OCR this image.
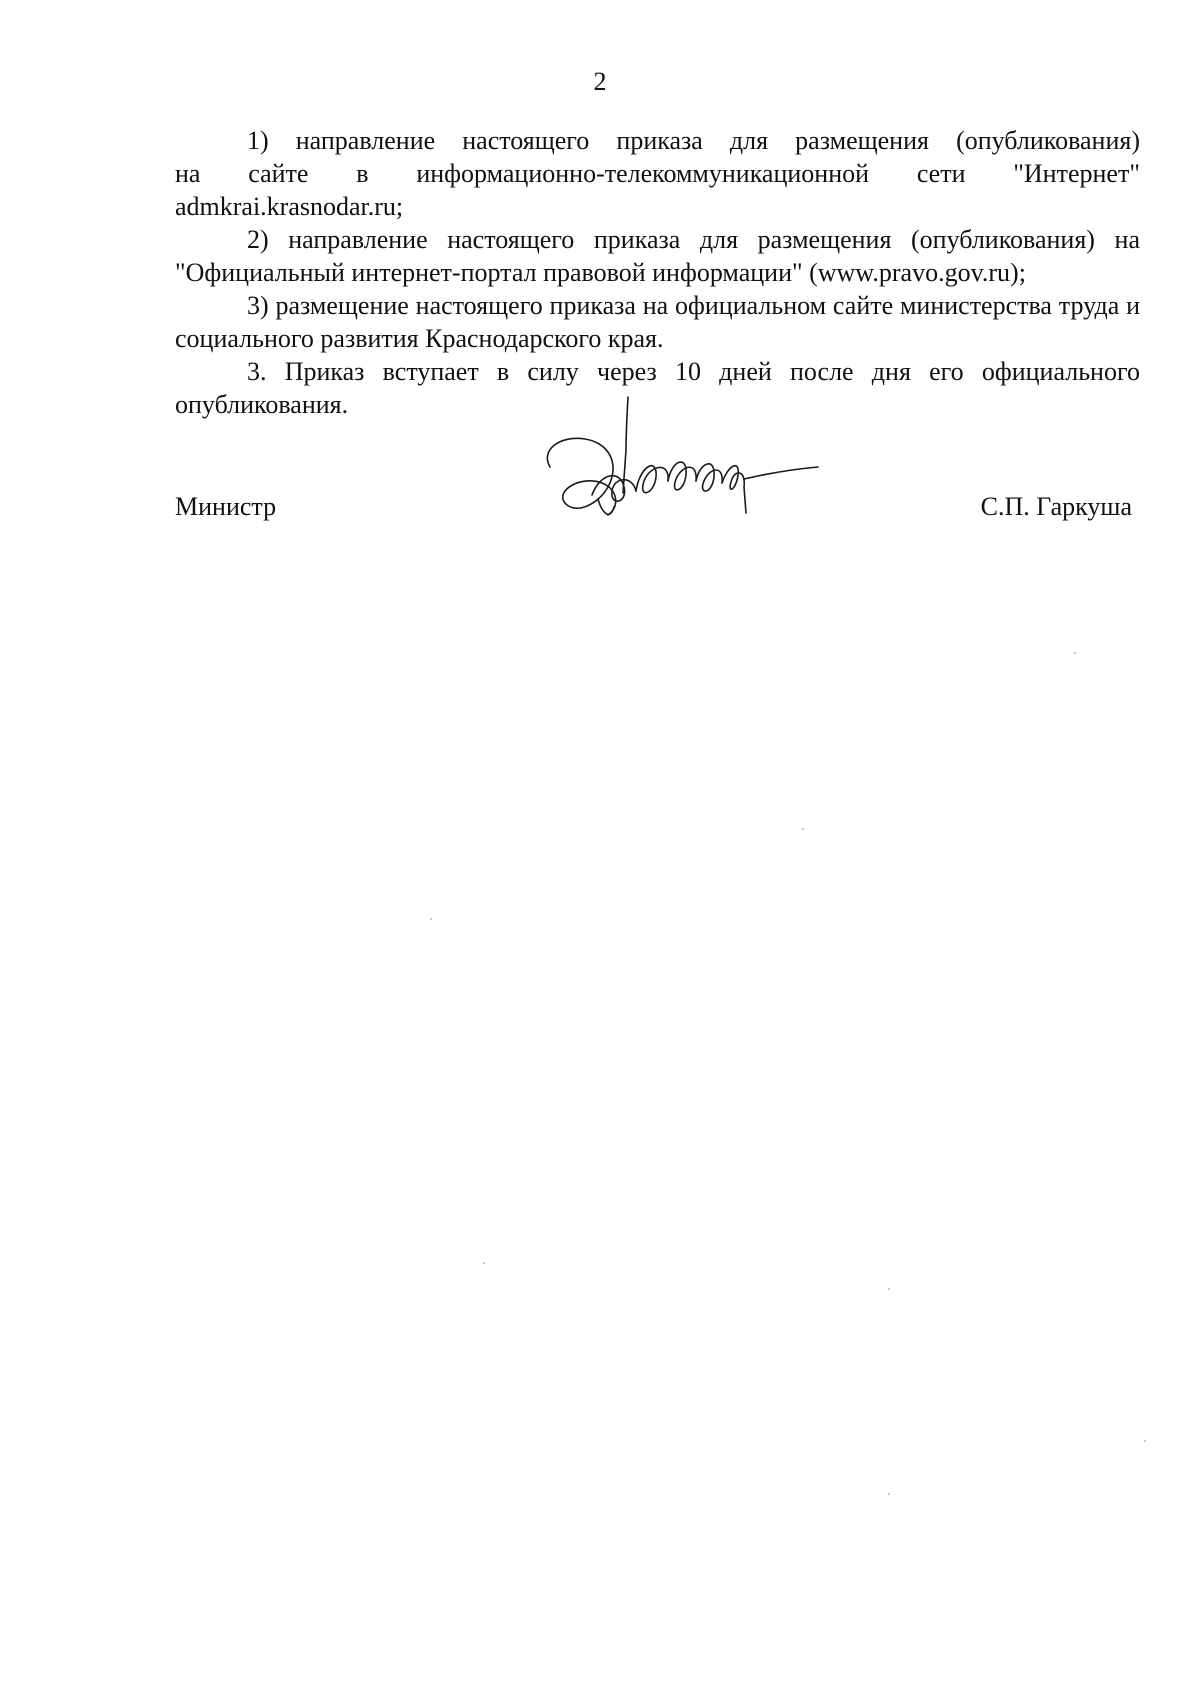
2
1) направление настоящего приказа для размещения (опубликования)
на сайте в информационно-телекоммуникационной сети "Интернет"
admkrai.krasnodar.ru;

2) направление настоящего приказа для размещения (опубликования) на "Официальный интернет-портал правовой информации" (www.pravo.gov.ru);

3) размещение настоящего приказа на официальном сайте министерства труда и социального развития Краснодарского края.

3. Приказ вступает в силу через 10 дней после дня его официального опубликования.

Министр	С.П. Гаркуша
